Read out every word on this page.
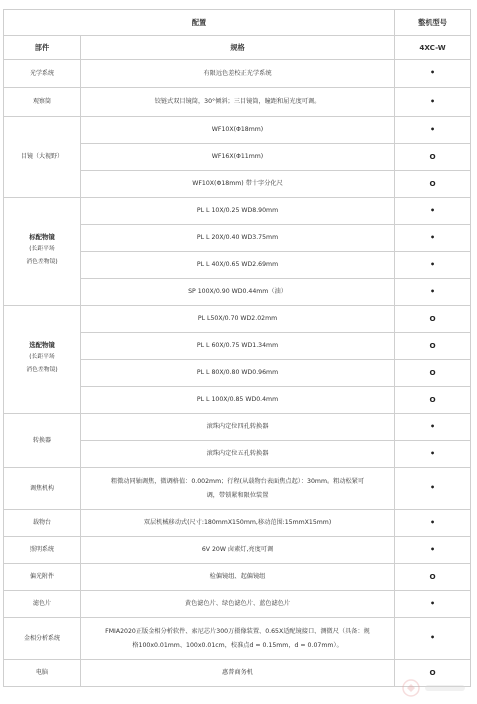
配置		整机型号
部件	规格	4XC-W
光学系统	有限远色差校正光学系统	•
观察筒	铰链式双目镜筒，30°倾斜；三目镜筒，瞳距和屈光度可调。	•
目镜（大视野）	WF10X(Φ18mm)	•
	WF16X(Φ11mm)	O
	WF10X(Φ18mm) 带十字分化尺	O
标配物镜
(长距平场
消色差物镜)	PL L 10X/0.25 WD8.90mm	•
	PL L 20X/0.40 WD3.75mm	•
	PL L 40X/0.65 WD2.69mm	•
	SP 100X/0.90 WD0.44mm（油）	•
选配物镜
(长距平场
消色差物镜)	PL L50X/0.70 WD2.02mm	O
	PL L 60X/0.75 WD1.34mm	O
	PL L 80X/0.80 WD0.96mm	O
	PL L 100X/0.85 WD0.4mm	O
转换器	滚珠内定位四孔转换器	•
	滚珠内定位五孔转换器	•
调焦机构	粗微动同轴调焦，微调格值：0.002mm；行程(从载物台表面焦点起）：30mm。粗动松紧可
调，带锁紧和限位装置	•
载物台	双层机械移动式(尺寸:180mmX150mm,移动范围:15mmX15mm)	•
照明系统	6V 20W 卤素灯,亮度可调	•
偏光附件	检偏镜组、起偏镜组	O
滤色片	黄色滤色片、绿色滤色片、蓝色滤色片	•
金相分析系统	FMIA2020正版金相分析软件、索尼芯片300万摄像装置、0.65X适配镜接口、测微尺（具备：规
格100x0.01mm、100x0.01cm，校准点d = 0.15mm，d = 0.07mm）。	•
电脑	惠普商务机	O
